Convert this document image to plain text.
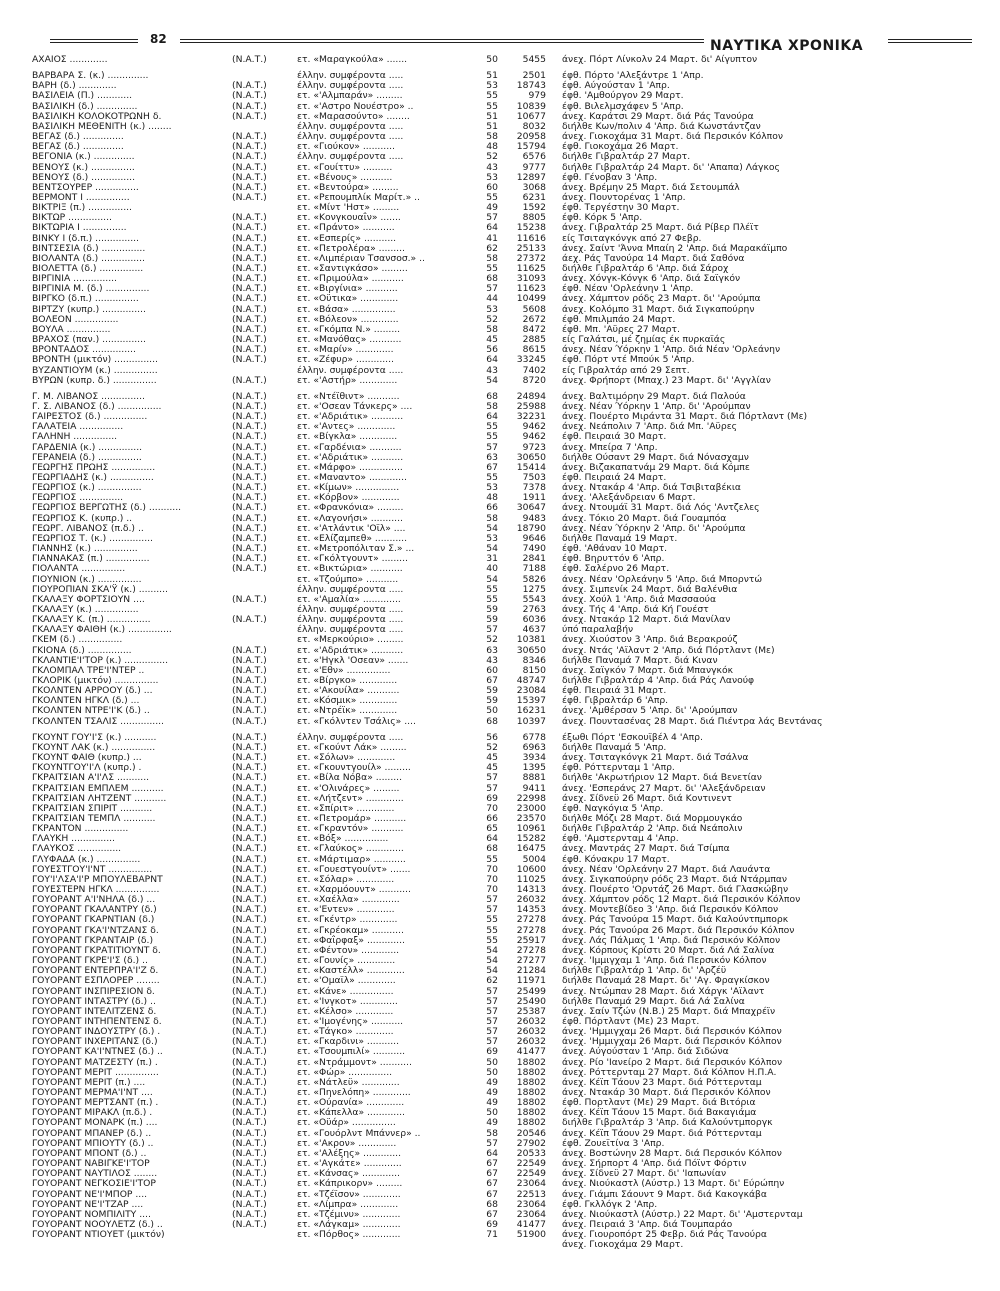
82	ΝΑΥΤΙΚΑ ΧΡΟΝΙΚΑ
ΑΧΑΙΟΣ .............	(Ν.Α.Τ.)	ετ. «Μαραγκούλα» .......	50	5455 άνεχ. Πόρτ Λίνκολν 24 Μαρτ. δι' Αίγυπτον
ΒΑΡΒΑΡΑ Σ. (κ.) ..............	έλλην. συμφέροντα .....	51	2501 έφθ. Πόρτο 'Αλεξάντρε 1 'Απρ.
ΒΑΡΗ (δ.) .............	(Ν.Α.Τ.)	έλλην. συμφέροντα .....	53	18743 έφθ. Αύγούσταν 1 'Απρ.
ΒΑΣΙΛΕΙΑ (Π.) ............	(Ν.Α.Τ.)	ετ. «'Αλμπαράν» .........	55	979 έφθ. 'Αμθούργον 29 Μαρτ.
ΒΑΣΙΛΙΚΗ (δ.) ..............	(Ν.Α.Τ.)	ετ. «'Αστρο Νουέστρο» ..	55	10839 έφθ. Βιλελμσχάφεν 5 'Απρ.
ΒΑΣΙΛΙΚΗ ΚΟΛΟΚΟΤΡΩΝΗ δ.	(Ν.Α.Τ.)	ετ. «Μαρασούντο» ........	51	10677 άνεχ. Καράτσι 29 Μαρτ. διά Ράς Τανούρα
ΒΑΣΙΛΙΚΗ ΜΕΘΕΝΙΤΗ (κ.) ........	έλλην. συμφέροντα .....	51	8032 διήλθε Κων/πολιν 4 'Απρ. διά Κωνστάντζαν
ΒΕΓΑΣ (δ.) ..............	(Ν.Α.Τ.)	έλλην. συμφέροντα .....	58	20958 άνεχ. Γιοκοχάμα 31 Μαρτ. διά Περσικόν Κόλπον
ΒΕΓΑΣ (δ.) ..............	(Ν.Α.Τ.)	ετ. «Γιούκον» ...........	48	15794 έφθ. Γιοκοχάμα 26 Μαρτ.
ΒΕΓΟΝΙΑ (κ.) ..............	(Ν.Α.Τ.)	έλλην. συμφέροντα .....	52	6576 διήλθε Γιβραλτάρ 27 Μαρτ.
ΒΕΝΟΥΣ (κ.) ...............	(Ν.Α.Τ.)	ετ. «Γουίττυ» ..........	43	9777 διήλθε Γιβραλτάρ 24 Μαρτ. δι' 'Απαπα) Λάγκος
ΒΕΝΟΥΣ (δ.) ...............	(Ν.Α.Τ.)	ετ. «Βένους» ...........	53	12897 έφθ. Γένοβαν 3 'Απρ.
ΒΕΝΤΣΟΥΡΕΡ ...............	(Ν.Α.Τ.)	ετ. «Βεντούρα» .........	60	3068 άνεχ. Βρέμην 25 Μαρτ. διά Σετουμπάλ
ΒΕΡΜΟΝΤ Ι ...............	(Ν.Α.Τ.)	ετ. «Ρεπουμπλίκ Μαρίτ.» ..	55	6231 άνεχ. Πουντορένας 1 'Απρ.
ΒΙΚΤΡΙΞ (π.) ...............	ετ. «Μίντ 'Ηστ» .........	49	1592 έφθ. Τεργέστην 30 Μαρτ.
ΒΙΚΤΩΡ ...............	(Ν.Α.Τ.)	ετ. «Κονγκουαΐν» .......	57	8805 έφθ. Κόρκ 5 'Απρ.
ΒΙΚΤΩΡΙΑ Ι ...............	(Ν.Α.Τ.)	ετ. «Πράντο» ...........	64	15238 άνεχ. Γιβραλτάρ 25 Μαρτ. διά Ρίβερ Πλέϊτ
ΒΙΝΚΥ Ι (δ.π.) ...............	(Ν.Α.Τ.)	ετ. «Εσπερίς» ...........	41	11616 είς Τσιταγκόνγκ από 27 Φεβρ.
ΒΙΝΤΣΕΣΙΑ (δ.) ...............	(Ν.Α.Τ.)	ετ. «Πετρολέρα» .........	62	25133 άνεχ. Σαίντ 'Άννα Μπαίη 2 'Απρ. διά Μαρακάϊμπο
ΒΙΟΛΑΝΤΑ (δ.) ...............	(Ν.Α.Τ.)	ετ. «Λιμπέριαν Τσανσοσ.» ..	58	27372 άεχ. Ράς Τανούρα 14 Μαρτ. διά Σαθόνα
ΒΙΟΛΕΤΤΑ (δ.) ...............	(Ν.Α.Τ.)	ετ. «Σαντιγκάσο» .........	55	11625 διήλθε Γιβραλτάρ 6 'Απρ. διά Σάροχ
ΒΙΡΓΙΝΙΑ ...............	(Ν.Α.Τ.)	ετ. «Πριμούλα» ...........	68	31093 άνεχ. Χόνγκ-Κόνγκ 6 'Απρ. διά Σαϊγκόν
ΒΙΡΓΙΝΙΑ Μ. (δ.) ...............	(Ν.Α.Τ.)	ετ. «Βιργίνια» ...........	57	11623 έφθ. Νέαν 'Ορλεάνην 1 'Απρ.
ΒΙΡΓΚΟ (δ.π.) ...............	(Ν.Α.Τ.)	ετ. «Οϋτικα» .............	44	10499 άνεχ. Χάμπτον ρόδς 23 Μαρτ. δι' 'Αρούμπα
ΒΙΡΤΖΥ (κυπρ.) ...............	(Ν.Α.Τ.)	ετ. «Βάσα» ...............	53	5608 άνεχ. Κολόμπο 31 Μαρτ. διά Σιγκαπούρην
ΒΟΛΕΟΝ ...............	(Ν.Α.Τ.)	ετ. «Βόλεον» .............	52	2672 έφθ. Μπιλμπάο 24 Μαρτ.
ΒΟΥΛΑ ...............	(Ν.Α.Τ.)	ετ. «Γκόμπα Ν.» .........	58	8472 έφθ. Μπ. 'Αϋρες 27 Μαρτ.
ΒΡΑΧΟΣ (παν.) ...............	(Ν.Α.Τ.)	ετ. «Μανόθας» ...........	45	2885 είς Γαλάτσι, μέ ζημίας έκ πυρκαϊάς
ΒΡΟΝΤΑΔΟΣ ...............	(Ν.Α.Τ.)	ετ. «Μαρίν» .............	56	8615 άνεχ. Νέαν Ύόρκην 1 'Απρ. διά Νέαν 'Ορλεάνην
ΒΡΟΝΤΗ (μικτόν) ...............	(Ν.Α.Τ.)	ετ. «Ζέφυρ» .............	64	33245 έφθ. Πόρτ ντέ Μπούκ 5 'Απρ.
ΒΥΖΑΝΤΙΟΥΜ (κ.) ...............	έλλην. συμφέροντα .....	43	7402 είς Γιβραλτάρ από 29 Σεπτ.
ΒΥΡΩΝ (κυπρ. δ.) ...............	(Ν.Α.Τ.)	ετ. «'Αστήρ» .............	54	8720 άνεχ. Φρήπορτ (Μπαχ.) 23 Μαρτ. δι' 'Αγγλίαν
Γ. Μ. ΛΙΒΑΝΟΣ ...............	(Ν.Α.Τ.)	ετ. «Ντέϊθιντ» ...........	68	24894 άνεχ. Βαλτιμόρην 29 Μαρτ. διά Παλούα
Γ. Σ. ΛΙΒΑΝΟΣ (δ.) ...............	(Ν.Α.Τ.)	ετ. «'Οσεαν Τάνκερς» ....	58	25988 άνεχ. Νέαν Ύόρκην 1 'Απρ. δι' 'Αρούμπαν
ΓΑΙΡΕΣΤΟΣ (δ.) ...............	(Ν.Α.Τ.)	ετ. «'Αδριάτικ» ...........	64	32231 άνεχ. Πουέρτο Μιράντα 31 Μαρτ. διά Πόρτλαντ (Με)
ΓΑΛΑΤΕΙΑ ...............	(Ν.Α.Τ.)	ετ. «'Αντες» .............	55	9462 άνεχ. Νεάπολιν 7 'Απρ. διά Μπ. 'Αϋρες
ΓΑΛΗΝΗ ...............	(Ν.Α.Τ.)	ετ. «Βίγκλα» .............	55	9462 έφθ. Πειραιά 30 Μαρτ.
ΓΑΡΔΕΝΙΑ (κ.) ...............	(Ν.Α.Τ.)	ετ. «Γαρδένια» ...........	57	9723 άνεχ. Μπείρα 7 'Απρ.
ΓΕΡΑΝΕΙΑ (δ.) ...............	(Ν.Α.Τ.)	ετ. «'Αδριάτικ» ...........	63	30650 διήλθε Ούσαντ 29 Μαρτ. διά Νόνασχαμν
ΓΕΩΡΓΗΣ ΠΡΩΗΣ ...............	(Ν.Α.Τ.)	ετ. «Μάρφο» ...............	67	15414 άνεχ. Βιζακαπατνάμ 29 Μαρτ. διά Κόμπε
ΓΕΩΡΓΙΑΔΗΣ (κ.) ...............	(Ν.Α.Τ.)	ετ. «Μαναντο» .............	55	7503 έφθ. Πειραιά 24 Μαρτ.
ΓΕΩΡΓΙΟΣ (κ.) ...............	(Ν.Α.Τ.)	ετ. «Κίμων» ...............	53	7378 άνεχ. Ντακάρ 4 'Απρ. διά Τσιβιταβέκια
ΓΕΩΡΓΙΟΣ ...............	(Ν.Α.Τ.)	ετ. «Κόρβον» .............	48	1911 άνεχ. 'Αλεξάνδρειαν 6 Μαρτ.
ΓΕΩΡΓΙΟΣ ΒΕΡΓΩΤΗΣ (δ.) ...........	(Ν.Α.Τ.)	ετ. «Φρανκόνια» .........	66	30647 άνεχ. Ντουμάϊ 31 Μαρτ. διά Λός 'Αντζελες
ΓΕΩΡΓΙΟΣ Κ. (κυπρ.) ..	(Ν.Α.Τ.)	ετ. «Λαγονήσι» ...........	58	9483 άνεχ. Τόκιο 20 Μαρτ. διά Γουαμπόα
ΓΕΩΡΓ. ΛΙΒΑΝΟΣ (π.δ.) ..	(Ν.Α.Τ.)	ετ. «'Ατλάντικ 'Οϊλ» ....	54	18790 άνεχ. Νέαν Ύόρκην 2 'Απρ. δι' 'Αρούμπα
ΓΕΩΡΓΙΟΣ Τ. (κ.) ...............	(Ν.Α.Τ.)	ετ. «Ελίζαμπεθ» ...........	53	9646 διήλθε Παναμά 19 Μαρτ.
ΓΙΑΝΝΗΣ (κ.) ...............	(Ν.Α.Τ.)	ετ. «Μετροπόλιταν Σ.» ...	54	7490 έφθ. 'Αθάναν 10 Μαρτ.
ΓΙΑΝΝΑΚΑΣ (π.) ...............	(Ν.Α.Τ.)	ετ. «Γκόλτγουντ» .........	31	2841 έφθ. Βηρυττόν 6 'Απρ.
ΓΙΟΛΑΝΤΑ ...............	(Ν.Α.Τ.)	ετ. «Βικτώρια» ...........	40	7188 έφθ. Σαλέρνο 26 Μαρτ.
ΓΙΟΥΝΙΟΝ (κ.) ...............	ετ. «Τζούμπο» ...........	54	5826 άνεχ. Νέαν 'Ορλεάνην 5 'Απρ. διά Μπορντώ
ΓΙΟΥΡΟΠΙΑΝ ΣΚΑ'Ϋ (κ.) ..........	έλλην. συμφέροντα .....	55	1275 άνεχ. Σιμπενίκ 24 Μαρτ. διά Βαλένθια
ΓΚΑΛΑΞΥ ΦΟΡΤΣΙΟΥΝ ....	(Ν.Α.Τ.)	ετ. «'Αμαλία» .............	55	5543 άνεχ. Χούλ 1 'Απρ. διά Μασσαούα
ΓΚΑΛΑΞΥ (κ.) ...............	έλλην. συμφέροντα .....	59	2763 άνεχ. Τής 4 'Απρ. διά Κή Γουέστ
ΓΚΑΛΑΞΥ Κ. (π.) ...............	(Ν.Α.Τ.)	έλλην. συμφέροντα .....	59	6036 άνεχ. Ντακάρ 12 Μαρτ. διά Μανίλαν
ΓΚΑΛΑΞΥ ΦΑΙΘΗ (κ.) ...............	έλλην. συμφέροντα .....	57	4637 ύπό παραλαβήν
ΓΚΕΜ (δ.) ...............	ετ. «Μερκούριο» .........	52	10381 άνεχ. Χιούστον 3 'Απρ. διά Βερακρούζ
ΓΚΙΟΝΑ (δ.) ...............	(Ν.Α.Τ.)	ετ. «'Αδριάτικ» ...........	63	30650 άνεχ. Ντάς 'Αϊλαντ 2 'Απρ. διά Πόρτλαντ (Με)
ΓΚΛΑΝΤΙΕ'Ι'ΤΟΡ (κ.) ...............	(Ν.Α.Τ.)	ετ. «'Ηγκλ 'Οσεαν» .......	43	8346 διήλθε Παναμά 7 Μαρτ. διά Κιναν
ΓΚΛΟΜΠΑΛ ΤΡΕ'Ι'ΝΤΕΡ ..	(Ν.Α.Τ.)	ετ. «'Εθν» ...............	60	8150 άνεχ. Σαϊγκόν 7 Μαρτ. διά Μπανγκόκ
ΓΚΛΟΡΙΚ (μικτόν) ...............	(Ν.Α.Τ.)	ετ. «Βίργκο» .............	67	48747 διήλθε Γιβραλτάρ 4 'Απρ. διά Ράς Λανούφ
ΓΚΟΛΝΤΕΝ ΑΡΡΟΟΥ (δ.) ...	(Ν.Α.Τ.)	ετ. «'Ακουίλα» ...........	59	23084 έφθ. Πειραιά 31 Μαρτ.
ΓΚΟΛΝΤΕΝ ΗΓΚΛ (δ.) ...	(Ν.Α.Τ.)	ετ. «Κόσμικ» .............	59	15397 έφθ. Γιβραλτάρ 6 'Απρ.
ΓΚΟΛΝΤΕΝ ΝΤΡΕ'Ι'Κ (δ.) ..	(Ν.Α.Τ.)	ετ. «Ντρέϊκ» .............	50	16231 άνεχ. 'Αμθέρσαν 5 'Απρ. δι' 'Αρούμπαν
ΓΚΟΛΝΤΕΝ ΤΣΑΛΙΣ ...............	(Ν.Α.Τ.)	ετ. «Γκόλντεν Τσάλις» ....	68	10397 άνεχ. Πουντασένας 28 Μαρτ. διά Πιέντρα λάς Βεντάνας
ΓΚΟΥΝΤ ΓΟΥ'Ι'Σ (κ.) ...........	(Ν.Α.Τ.)	έλλην. συμφέροντα .....	56	6778 έξωθι Πόρτ 'Εσκουϊβέλ 4 'Απρ.
ΓΚΟΥΝΤ ΛΑΚ (κ.) ...............	(Ν.Α.Τ.)	ετ. «Γκούντ Λάκ» .........	52	6963 διήλθε Παναμά 5 'Απρ.
ΓΚΟΥΝΤ ΦΑΙΘ (κυπρ.) ...	(Ν.Α.Τ.)	ετ. «Σόλων» .............	45	3934 άνεχ. Τσιταγκόνγκ 21 Μαρτ. διά Τσάλνα
ΓΚΟΥΝΤΓΟΥ'Ι'Λ (κυπρ.) .	(Ν.Α.Τ.)	ετ. «Γκουντγουίλ» .........	45	1395 έφθ. Ρόττερνταμ 1 'Απρ.
ΓΚΡΑΙΤΣΙΑΝ Α'Ι'ΛΣ ...........	(Ν.Α.Τ.)	ετ. «Βίλα Νόβα» .........	57	8881 διήλθε 'Ακρωτήριον 12 Μαρτ. διά Βενετίαν
ΓΚΡΑΙΤΣΙΑΝ ΕΜΠΛΕΜ ...........	(Ν.Α.Τ.)	ετ. «'Ολινάρες» .........	57	9411 άνεχ. 'Εσπεράνς 27 Μαρτ. δι' 'Αλεξάνδρειαν
ΓΚΡΑΙΤΣΙΑΝ ΛΗΤΖΕΝΤ ...........	(Ν.Α.Τ.)	ετ. «Λήτζεντ» .............	69	22998 άνεχ. Σίδνεϋ 26 Μαρτ. διά Κοντινεντ
ΓΚΡΑΙΤΣΙΑΝ ΣΠΙΡΙΤ ...........	(Ν.Α.Τ.)	ετ. «Σπίριτ» .............	70	23000 έφθ. Ναγκόγια 5 'Απρ.
ΓΚΡΑΙΤΣΙΑΝ ΤΕΜΠΛ ...........	(Ν.Α.Τ.)	ετ. «Πετρομάρ» ...........	66	23570 διήλθε Μόζι 28 Μαρτ. διά Μορμουγκάο
ΓΚΡΑΝΤΟΝ ...............	(Ν.Α.Τ.)	ετ. «Γκραντόν» ...........	65	10961 διήλθε Γιβραλτάρ 2 'Απρ. διά Νεάπολιν
ΓΛΑΥΚΗ ...............	(Ν.Α.Τ.)	ετ. «Βόξ» ...............	64	15282 έφθ. 'Αμστερνταμ 4 'Απρ.
ΓΛΑΥΚΟΣ ...............	(Ν.Α.Τ.)	ετ. «Γλαύκος» .............	68	16475 άνεχ. Μαντράς 27 Μαρτ. διά Τσίμπα
ΓΛΥΦΑΔΑ (κ.) ...............	(Ν.Α.Τ.)	ετ. «Μάρτιμαρ» ...........	55	5004 έφθ. Κόνακρυ 17 Μαρτ.
ΓΟΥΕΣΤΓΟΥ'Ι'ΝΤ ...............	(Ν.Α.Τ.)	ετ. «Γουεστγουίντ» .......	70	10600 άνεχ. Νέαν 'Ορλεάνην 27 Μαρτ. διά Λαυάντα
ΓΟΥ'Ι'ΛΣΑ'Ι'Ρ ΜΠΟΥΛΕΒΑΡΝΤ	(Ν.Α.Τ.)	ετ. «Σόλαρ» .............	70	11025 άνεχ. Σιγκαπούρην ρόδς 23 Μαρτ. διά Ντάρμπαν
ΓΟΥΕΣΤΕΡΝ ΗΓΚΛ ...............	(Ν.Α.Τ.)	ετ. «Χαρμόουντ» ...........	70	14313 άνεχ. Πουέρτο 'Ορντάζ 26 Μαρτ. διά Γλασκώβην
ΓΟΥΟΡΑΝΤ Α'Ι'ΝΗΛΑ (δ.) ...	(Ν.Α.Τ.)	ετ. «Χαέλλα» .............	57	26032 άνεχ. Χάμπτον ρόδς 12 Μαρτ. διά Περσικόν Κόλπον
ΓΟΥΟΡΑΝΤ ΓΚΑΛΑΝΤΡΥ (δ.)	(Ν.Α.Τ.)	ετ. «'Εντεν» .............	57	14353 άνεχ. Μοντεβίδεο 3 'Απρ. διά Περσικόν Κόλπον
ΓΟΥΟΡΑΝΤ ΓΚΑΡΝΤΙΑΝ (δ.)	(Ν.Α.Τ.)	ετ. «Γκέντρ» .............	55	27278 άνεχ. Ράς Τανούρα 15 Μαρτ. διά Καλούντπμπορκ
ΓΟΥΟΡΑΝΤ ΓΚΑ'Ι'ΝΤΖΑΝΣ δ.	(Ν.Α.Τ.)	ετ. «Γκρέοκαμ» ...........	55	27278 άνεχ. Ράς Τανούρα 26 Μαρτ. διά Περσικόν Κόλπον
ΓΟΥΟΡΑΝΤ ΓΚΡΑΝΤΑΙΡ (δ.)	(Ν.Α.Τ.)	ετ. «Φαΐρφαξ» .............	55	25917 άνεχ. Λάς Πάλμας 1 'Απρ. διά Περσικόν Κόλπον
ΓΟΥΟΡΑΝΤ ΓΚΡΑΤΙΤΙΟΥΝΤ δ.	(Ν.Α.Τ.)	ετ. «Φέντον» .............	54	27278 άνεχ. Κόρπους Κρίστι 20 Μαρτ. διά Λά Σαλίνα
ΓΟΥΟΡΑΝΤ ΓΚΡΕ'Ι'Σ (δ.) ..	(Ν.Α.Τ.)	ετ. «Γουνίς» .............	54	27277 άνεχ. 'Ιμμιγχαμ 1 'Απρ. διά Περσικόν Κόλπον
ΓΟΥΟΡΑΝΤ ΕΝΤΕΡΠΡΑ'Ι'Ζ δ.	(Ν.Α.Τ.)	ετ. «Καστέλλ» .............	54	21284 διήλθε Γιβραλτάρ 1 'Απρ. δι' 'Αρζέϋ
ΓΟΥΟΡΑΝΤ ΕΣΠΛΟΡΕΡ ........	(Ν.Α.Τ.)	ετ. «'Ομαϊλ» .............	62	11971 διήλθε Παναμά 28 Μαρτ. δι' 'Αγ. Φραγκίσκον
ΓΟΥΟΡΑΝΤ ΙΝΣΠΙΡΕΣΙΟΝ δ.	(Ν.Α.Τ.)	ετ. «Κάνε» ...............	57	25499 άνεχ. Ντώμπαν 28 Μαρτ. διά Χάργκ 'Αϊλαντ
ΓΟΥΟΡΑΝΤ ΙΝΤΑΣΤΡΥ (δ.) ..	(Ν.Α.Τ.)	ετ. «'Ινγκοτ» .............	57	25490 διήλθε Παναμά 29 Μαρτ. διά Λά Σαλίνα
ΓΟΥΟΡΑΝΤ ΙΝΤΕΛΙΤΖΕΝΣ δ.	(Ν.Α.Τ.)	ετ. «Κέλσο» .............	57	25387 άνεχ. Σαίν Τζών (Ν.Β.) 25 Μαρτ. διά Μπαχρέϊν
ΓΟΥΟΡΑΝΤ ΙΝΤΗΠΕΝΤΕΝΣ δ.	(Ν.Α.Τ.)	ετ. «'Ιμογένης» ...........	57	26032 έφθ. Πόρτλαντ (Με) 23 Μαρτ.
ΓΟΥΟΡΑΝΤ ΙΝΔΟΥΣΤΡΥ (δ.) .	(Ν.Α.Τ.)	ετ. «Τάγκο» .............	57	26032 άνεχ. 'Ημμιγχαμ 26 Μαρτ. διά Περσικόν Κόλπον
ΓΟΥΟΡΑΝΤ ΙΝΧΕΡΙΤΑΝΣ (δ.)	(Ν.Α.Τ.)	ετ. «Γκαρδινι» ...........	57	26032 άνεχ. 'Ημμιγχαμ 26 Μαρτ. διά Περσικόν Κόλπον
ΓΟΥΟΡΑΝΤ ΚΑ'Ι'ΝΤΝΕΣ (δ.) ..	(Ν.Α.Τ.)	ετ. «Τσουμπιλί» ...........	69	41477 άνεχ. Αύγούσταν 1 'Απρ. διά Σιδώνα
ΓΟΥΟΡΑΝΤ ΜΑΤΖΕΣΤΥ (π.) .	(Ν.Α.Τ.)	ετ. «Ντράμμοντ» ...........	50	18802 άνεχ. Ρίο 'Ιανείρο 2 Μαρτ. διά Περσικόν Κόλπον
ΓΟΥΟΡΑΝΤ ΜΕΡΙΤ ...............	(Ν.Α.Τ.)	ετ. «Φώρ» ...............	50	18802 άνεχ. Ρόττερνταμ 27 Μαρτ. διά Κόλπον Η.Π.Α.
ΓΟΥΟΡΑΝΤ ΜΕΡΙΤ (π.) ....	(Ν.Α.Τ.)	ετ. «Νάτλεϋ» .............	49	18802 άνεχ. Κέϊπ Τάουν 23 Μαρτ. διά Ρόττερνταμ
ΓΟΥΟΡΑΝΤ ΜΕΡΜΑ'Ι'ΝΤ ....	(Ν.Α.Τ.)	ετ. «Πηνελόπη» .............	49	18802 άνεχ. Ντακάρ 30 Μαρτ. διά Περσικόν Κόλπον
ΓΟΥΟΡΑΝΤ ΜΕΡΤΣΑΝΤ (π.) .	(Ν.Α.Τ.)	ετ. «Ούρανία» .............	49	18802 έφθ. Πορτλαντ (Με) 29 Μαρτ. διά Βιτόρια
ΓΟΥΟΡΑΝΤ ΜΙΡΑΚΛ (π.δ.) .	(Ν.Α.Τ.)	ετ. «Κάπελλα» .............	50	18802 άνεχ. Κέϊπ Τάουν 15 Μαρτ. διά Βακαγιάμα
ΓΟΥΟΡΑΝΤ ΜΟΝΑΡΚ (π.) ....	(Ν.Α.Τ.)	ετ. «Οϋάρ» ...............	49	18802 διήλθε Γιβραλτάρ 3 'Απρ. διά Καλούντμποργκ
ΓΟΥΟΡΑΝΤ ΜΠΑΝΕΡ (δ.) ..	(Ν.Α.Τ.)	ετ. «Γουόρλντ Μπάννερ» ..	58	20546 άνεχ. Κέϊπ Τάουν 29 Μαρτ. διά Ρόττερνταμ
ΓΟΥΟΡΑΝΤ ΜΠΙΟΥΤΥ (δ.) ..	(Ν.Α.Τ.)	ετ. «'Ακρον» .............	57	27902 έφθ. Ζουεϊτίνα 3 'Απρ.
ΓΟΥΟΡΑΝΤ ΜΠΟΝΤ (δ.) ..	(Ν.Α.Τ.)	ετ. «'Αλέξης» .............	64	20533 άνεχ. Βοστώνην 28 Μαρτ. διά Περσικόν Κόλπον
ΓΟΥΟΡΑΝΤ ΝΑΒΙΓΚΕ'Ι'ΤΟΡ	(Ν.Α.Τ.)	ετ. «'Αγκάτε» .............	67	22549 άνεχ. Σήρπορτ 4 'Απρ. διά Πόϊντ Φόρτιν
ΓΟΥΟΡΑΝΤ ΝΑΥΤΙΛΟΣ ........	(Ν.Α.Τ.)	ετ. «Κάνσας» .............	67	22549 άνεχ. Σίδνεϋ 27 Μαρτ. δι' 'Ιαπωνίαν
ΓΟΥΟΡΑΝΤ ΝΕΓΚΟΣΙΕ'Ι'ΤΟΡ	(Ν.Α.Τ.)	ετ. «Κάπρικορν» .........	67	23064 άνεχ. Νιούκαστλ (Αύστρ.) 13 Μαρτ. δι' Εύρώπην
ΓΟΥΟΡΑΝΤ ΝΕ'Ι'ΜΠΟΡ ....	(Ν.Α.Τ.)	ετ. «Τζέϊσον» .............	67	22513 άνεχ. Γιάμπι Σάουντ 9 Μαρτ. διά Κακογκάβα
ΓΟΥΟΡΑΝΤ ΝΕ'Ι'ΤΖΑΡ ....	(Ν.Α.Τ.)	ετ. «Λίμπρα» .............	68	23064 έφθ. Γκλλόγκ 2 'Απρ.
ΓΟΥΟΡΑΝΤ ΝΟΜΠΙΛΙΤΥ ....	(Ν.Α.Τ.)	ετ. «Τζέμινυ» .............	67	23064 άνεχ. Νιούκαστλ (Αύστρ.) 22 Μαρτ. δι' 'Αμστερνταμ
ΓΟΥΟΡΑΝΤ ΝΟΟΥΛΕΤΖ (δ.) ..	(Ν.Α.Τ.)	ετ. «Λάγκαμ» .............	69	41477 άνεχ. Πειραιά 3 'Απρ. διά Τουμπαράο
ΓΟΥΟΡΑΝΤ ΝΤΙΟΥΕΤ (μικτόν)	ετ. «Πόρθος» .............	71	51900 άνεχ. Γιουροπόρτ 25 Φεβρ. διά Ράς Τανούρα
άνεχ. Γιοκοχάμα 29 Μαρτ.
